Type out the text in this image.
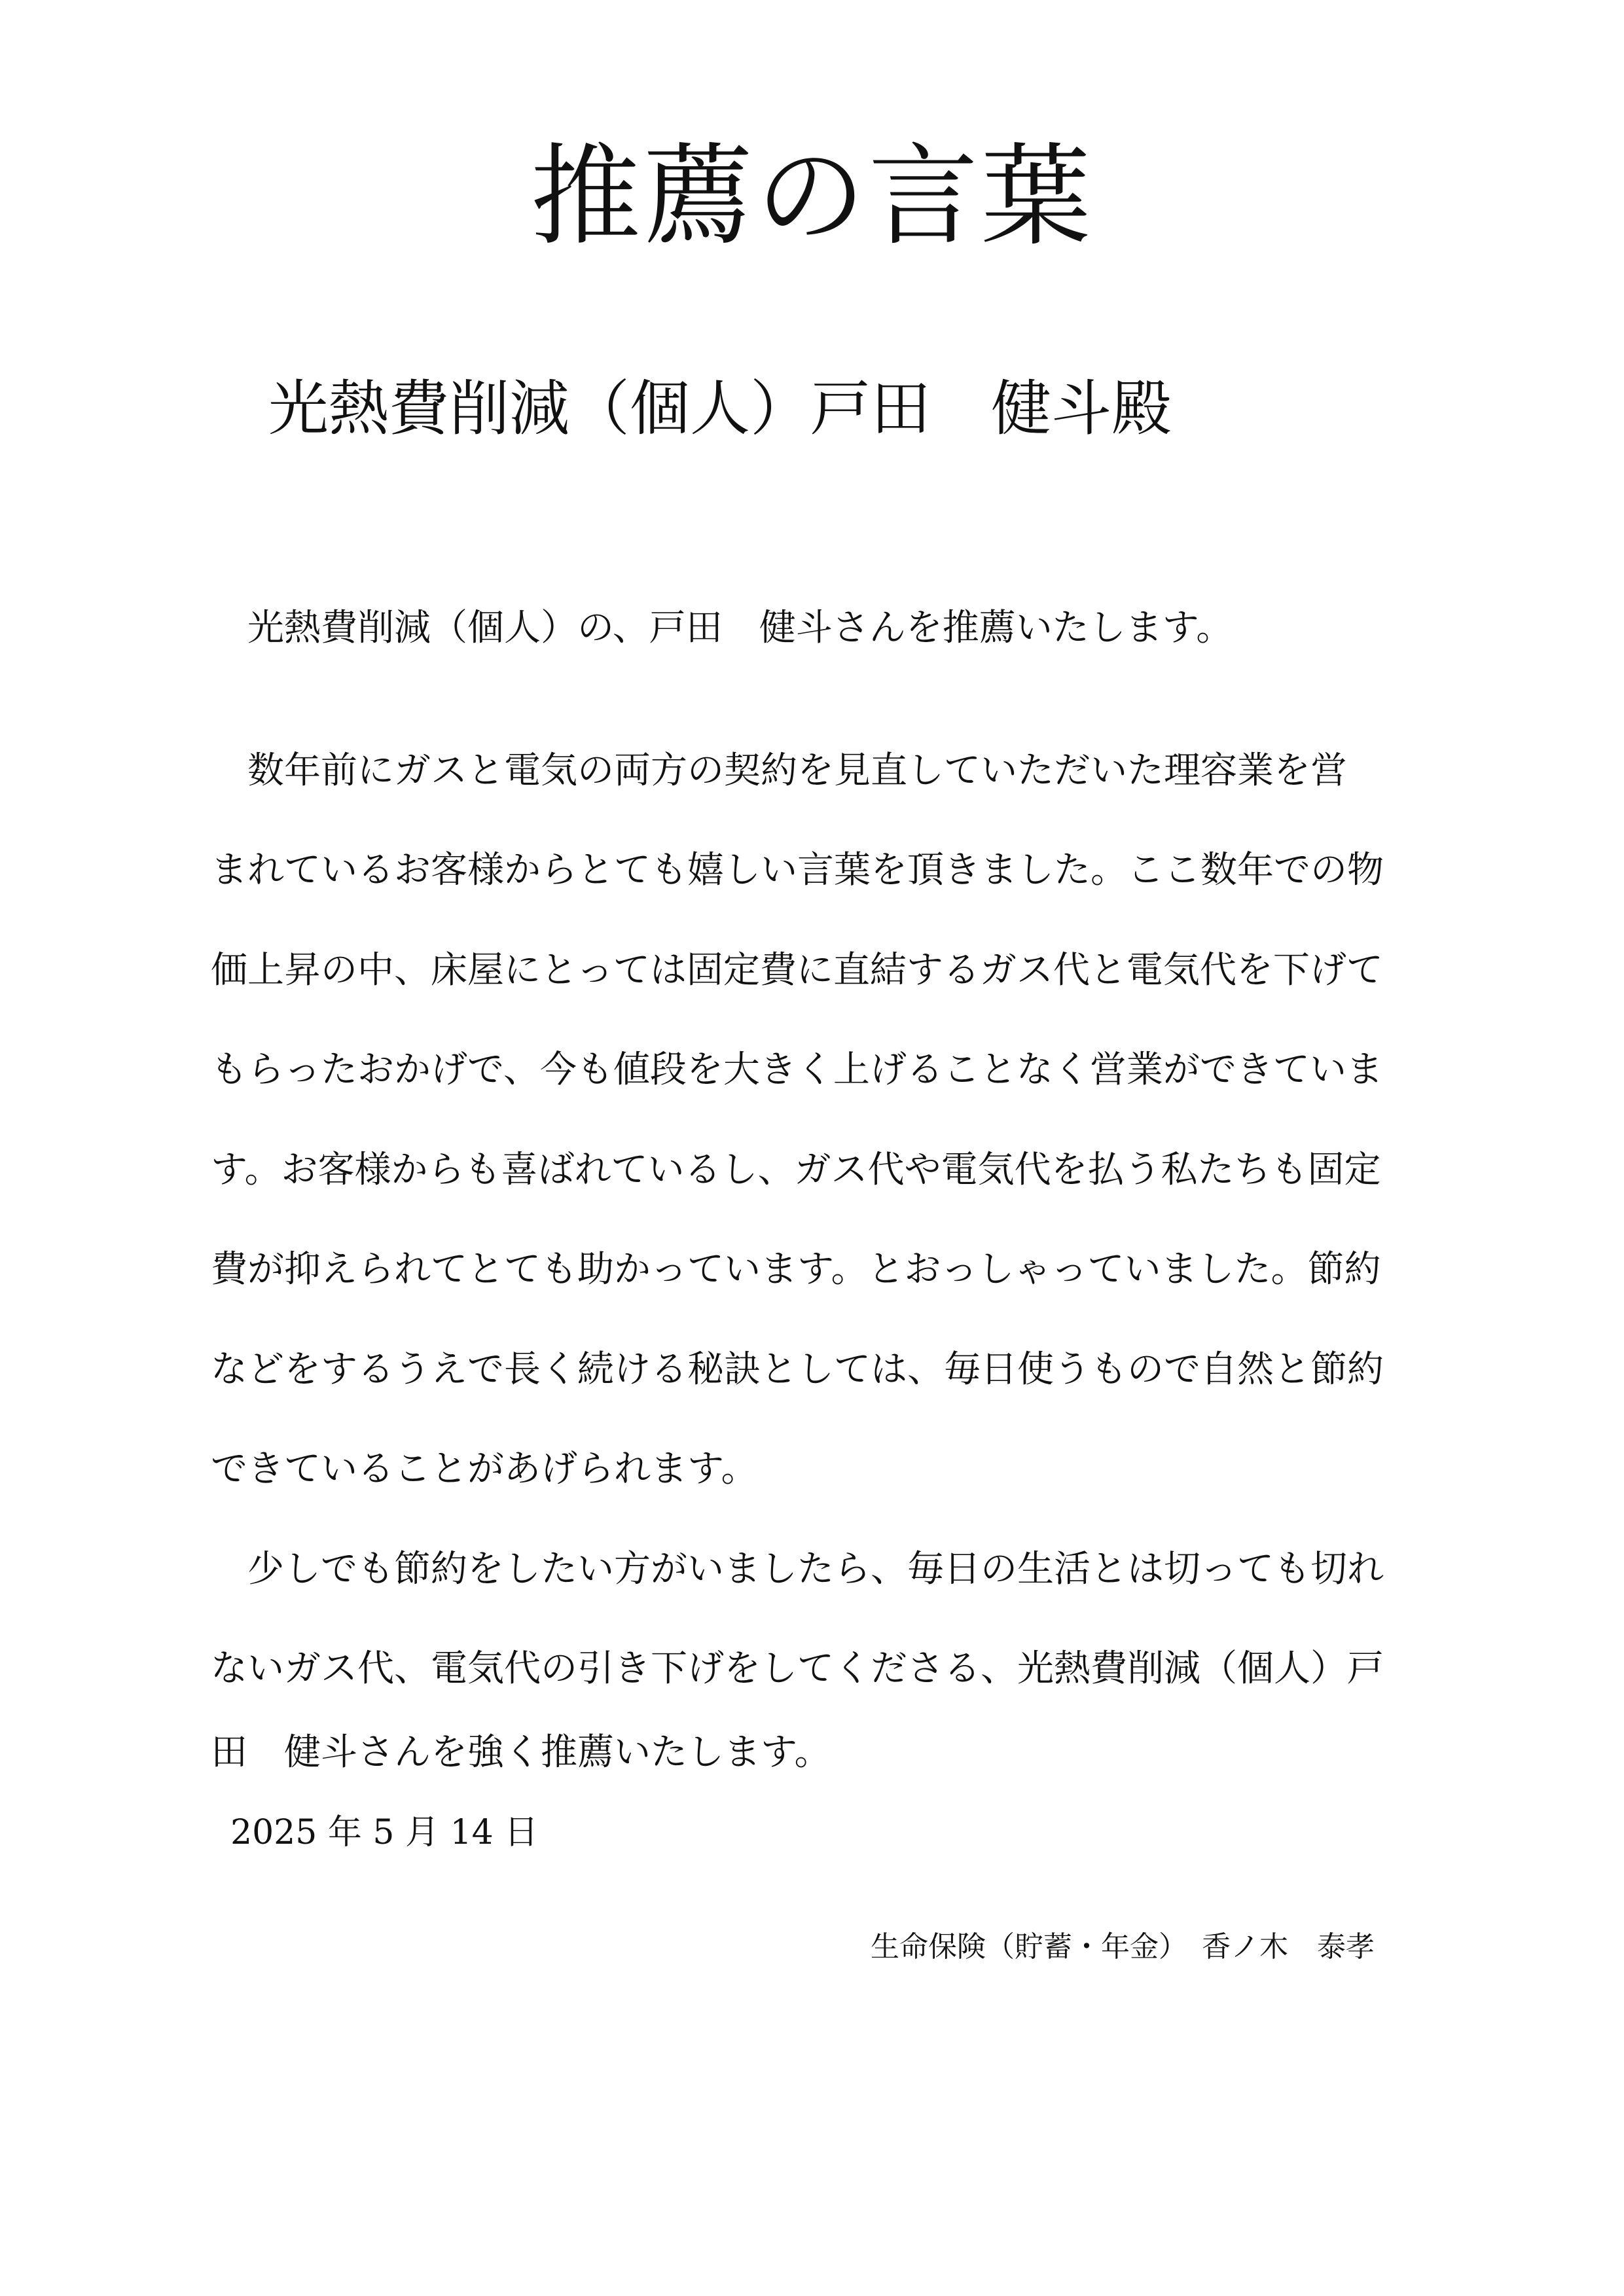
推薦の言葉
光熱費削減（個人）戸田　健斗殿
　光熱費削減（個人）の、戸田　健斗さんを推薦いたします。
　数年前にガスと電気の両方の契約を見直していただいた理容業を営
まれているお客様からとても嬉しい言葉を頂きました。ここ数年での物
価上昇の中、床屋にとっては固定費に直結するガス代と電気代を下げて
もらったおかげで、今も値段を大きく上げることなく営業ができていま
す。お客様からも喜ばれているし、ガス代や電気代を払う私たちも固定
費が抑えられてとても助かっています。とおっしゃっていました。節約
などをするうえで長く続ける秘訣としては、毎日使うもので自然と節約
できていることがあげられます。
　少しでも節約をしたい方がいましたら、毎日の生活とは切っても切れ
ないガス代、電気代の引き下げをしてくださる、光熱費削減（個人）戸
田　健斗さんを強く推薦いたします。
2025 年 5 月 14 日
生命保険（貯蓄・年金）　香ノ木　泰孝
